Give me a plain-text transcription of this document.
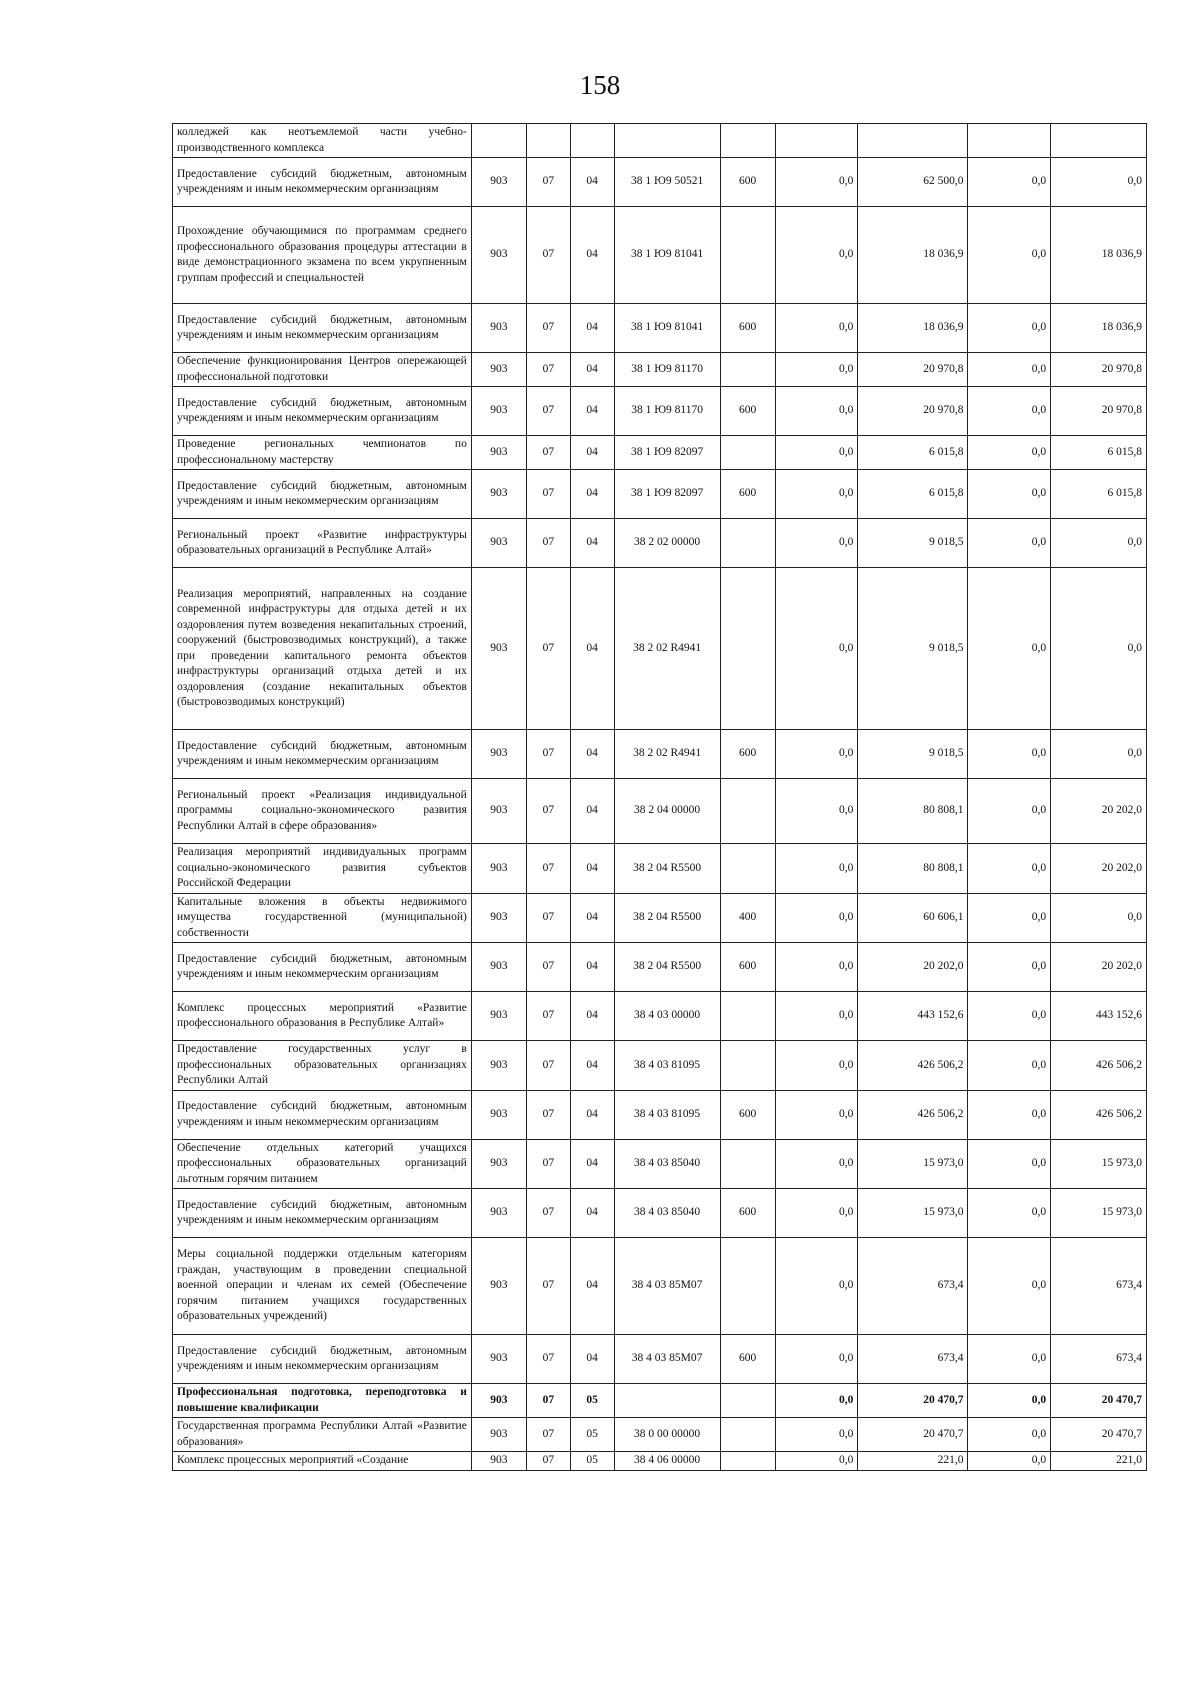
158
колледжей как неотъемлемой части учебно-производственного комплекса									
Предоставление субсидий бюджетным, автономным учреждениям и иным некоммерческим организациям	903	07	04	38 1 Ю9 50521	600	0,0	62 500,0	0,0	0,0
Прохождение обучающимися по программам среднего профессионального образования процедуры аттестации в виде демонстрационного экзамена по всем укрупненным группам профессий и специальностей	903	07	04	38 1 Ю9 81041		0,0	18 036,9	0,0	18 036,9
Предоставление субсидий бюджетным, автономным учреждениям и иным некоммерческим организациям	903	07	04	38 1 Ю9 81041	600	0,0	18 036,9	0,0	18 036,9
Обеспечение функционирования Центров опережающей профессиональной подготовки	903	07	04	38 1 Ю9 81170		0,0	20 970,8	0,0	20 970,8
Предоставление субсидий бюджетным, автономным учреждениям и иным некоммерческим организациям	903	07	04	38 1 Ю9 81170	600	0,0	20 970,8	0,0	20 970,8
Проведение региональных чемпионатов по профессиональному мастерству	903	07	04	38 1 Ю9 82097		0,0	6 015,8	0,0	6 015,8
Предоставление субсидий бюджетным, автономным учреждениям и иным некоммерческим организациям	903	07	04	38 1 Ю9 82097	600	0,0	6 015,8	0,0	6 015,8
Региональный проект «Развитие инфраструктуры образовательных организаций в Республике Алтай»	903	07	04	38 2 02 00000		0,0	9 018,5	0,0	0,0
Реализация мероприятий, направленных на создание современной инфраструктуры для отдыха детей и их оздоровления путем возведения некапитальных строений, сооружений (быстровозводимых конструкций), а также при проведении капитального ремонта объектов инфраструктуры организаций отдыха детей и их оздоровления (создание некапитальных объектов (быстровозводимых конструкций)	903	07	04	38 2 02 R4941		0,0	9 018,5	0,0	0,0
Предоставление субсидий бюджетным, автономным учреждениям и иным некоммерческим организациям	903	07	04	38 2 02 R4941	600	0,0	9 018,5	0,0	0,0
Региональный проект «Реализация индивидуальной программы социально-экономического развития Республики Алтай в сфере образования»	903	07	04	38 2 04 00000		0,0	80 808,1	0,0	20 202,0
Реализация мероприятий индивидуальных программ социально-экономического развития субъектов Российской Федерации	903	07	04	38 2 04 R5500		0,0	80 808,1	0,0	20 202,0
Капитальные вложения в объекты недвижимого имущества государственной (муниципальной) собственности	903	07	04	38 2 04 R5500	400	0,0	60 606,1	0,0	0,0
Предоставление субсидий бюджетным, автономным учреждениям и иным некоммерческим организациям	903	07	04	38 2 04 R5500	600	0,0	20 202,0	0,0	20 202,0
Комплекс процессных мероприятий «Развитие профессионального образования в Республике Алтай»	903	07	04	38 4 03 00000		0,0	443 152,6	0,0	443 152,6
Предоставление государственных услуг в профессиональных образовательных организациях Республики Алтай	903	07	04	38 4 03 81095		0,0	426 506,2	0,0	426 506,2
Предоставление субсидий бюджетным, автономным учреждениям и иным некоммерческим организациям	903	07	04	38 4 03 81095	600	0,0	426 506,2	0,0	426 506,2
Обеспечение отдельных категорий учащихся профессиональных образовательных организаций льготным горячим питанием	903	07	04	38 4 03 85040		0,0	15 973,0	0,0	15 973,0
Предоставление субсидий бюджетным, автономным учреждениям и иным некоммерческим организациям	903	07	04	38 4 03 85040	600	0,0	15 973,0	0,0	15 973,0
Меры социальной поддержки отдельным категориям граждан, участвующим в проведении специальной военной операции и членам их семей (Обеспечение горячим питанием учащихся государственных образовательных учреждений)	903	07	04	38 4 03 85М07		0,0	673,4	0,0	673,4
Предоставление субсидий бюджетным, автономным учреждениям и иным некоммерческим организациям	903	07	04	38 4 03 85М07	600	0,0	673,4	0,0	673,4
Профессиональная подготовка, переподготовка и повышение квалификации	903	07	05			0,0	20 470,7	0,0	20 470,7
Государственная программа Республики Алтай «Развитие образования»	903	07	05	38 0 00 00000		0,0	20 470,7	0,0	20 470,7
Комплекс процессных мероприятий «Создание	903	07	05	38 4 06 00000		0,0	221,0	0,0	221,0
